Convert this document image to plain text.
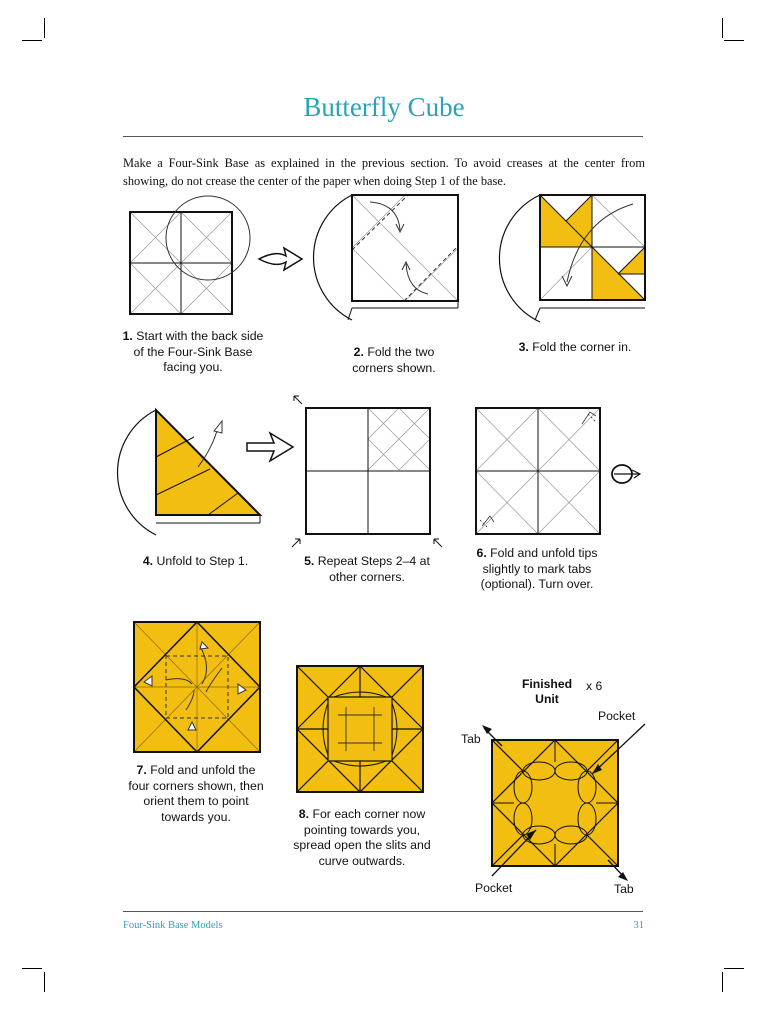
Butterfly Cube
Make a Four-Sink Base as explained in the previous section. To avoid creases at the center from showing, do not crease the center of the paper when doing Step 1 of the base.
1. Start with the back side of the Four-Sink Base facing you.
2. Fold the two corners shown.
3. Fold the corner in.
4. Unfold to Step 1.	5. Repeat Steps 2–4 at other corners.
6. Fold and unfold tips slightly to mark tabs (optional). Turn over.
7. Fold and unfold the four corners shown, then orient them to point towards you.	8. For each corner now pointing towards you, spread open the slits and curve outwards.
Finished
Unit
x 6
Pocket
Tab
Pocket	Tab
Four-Sink Base Models	31
